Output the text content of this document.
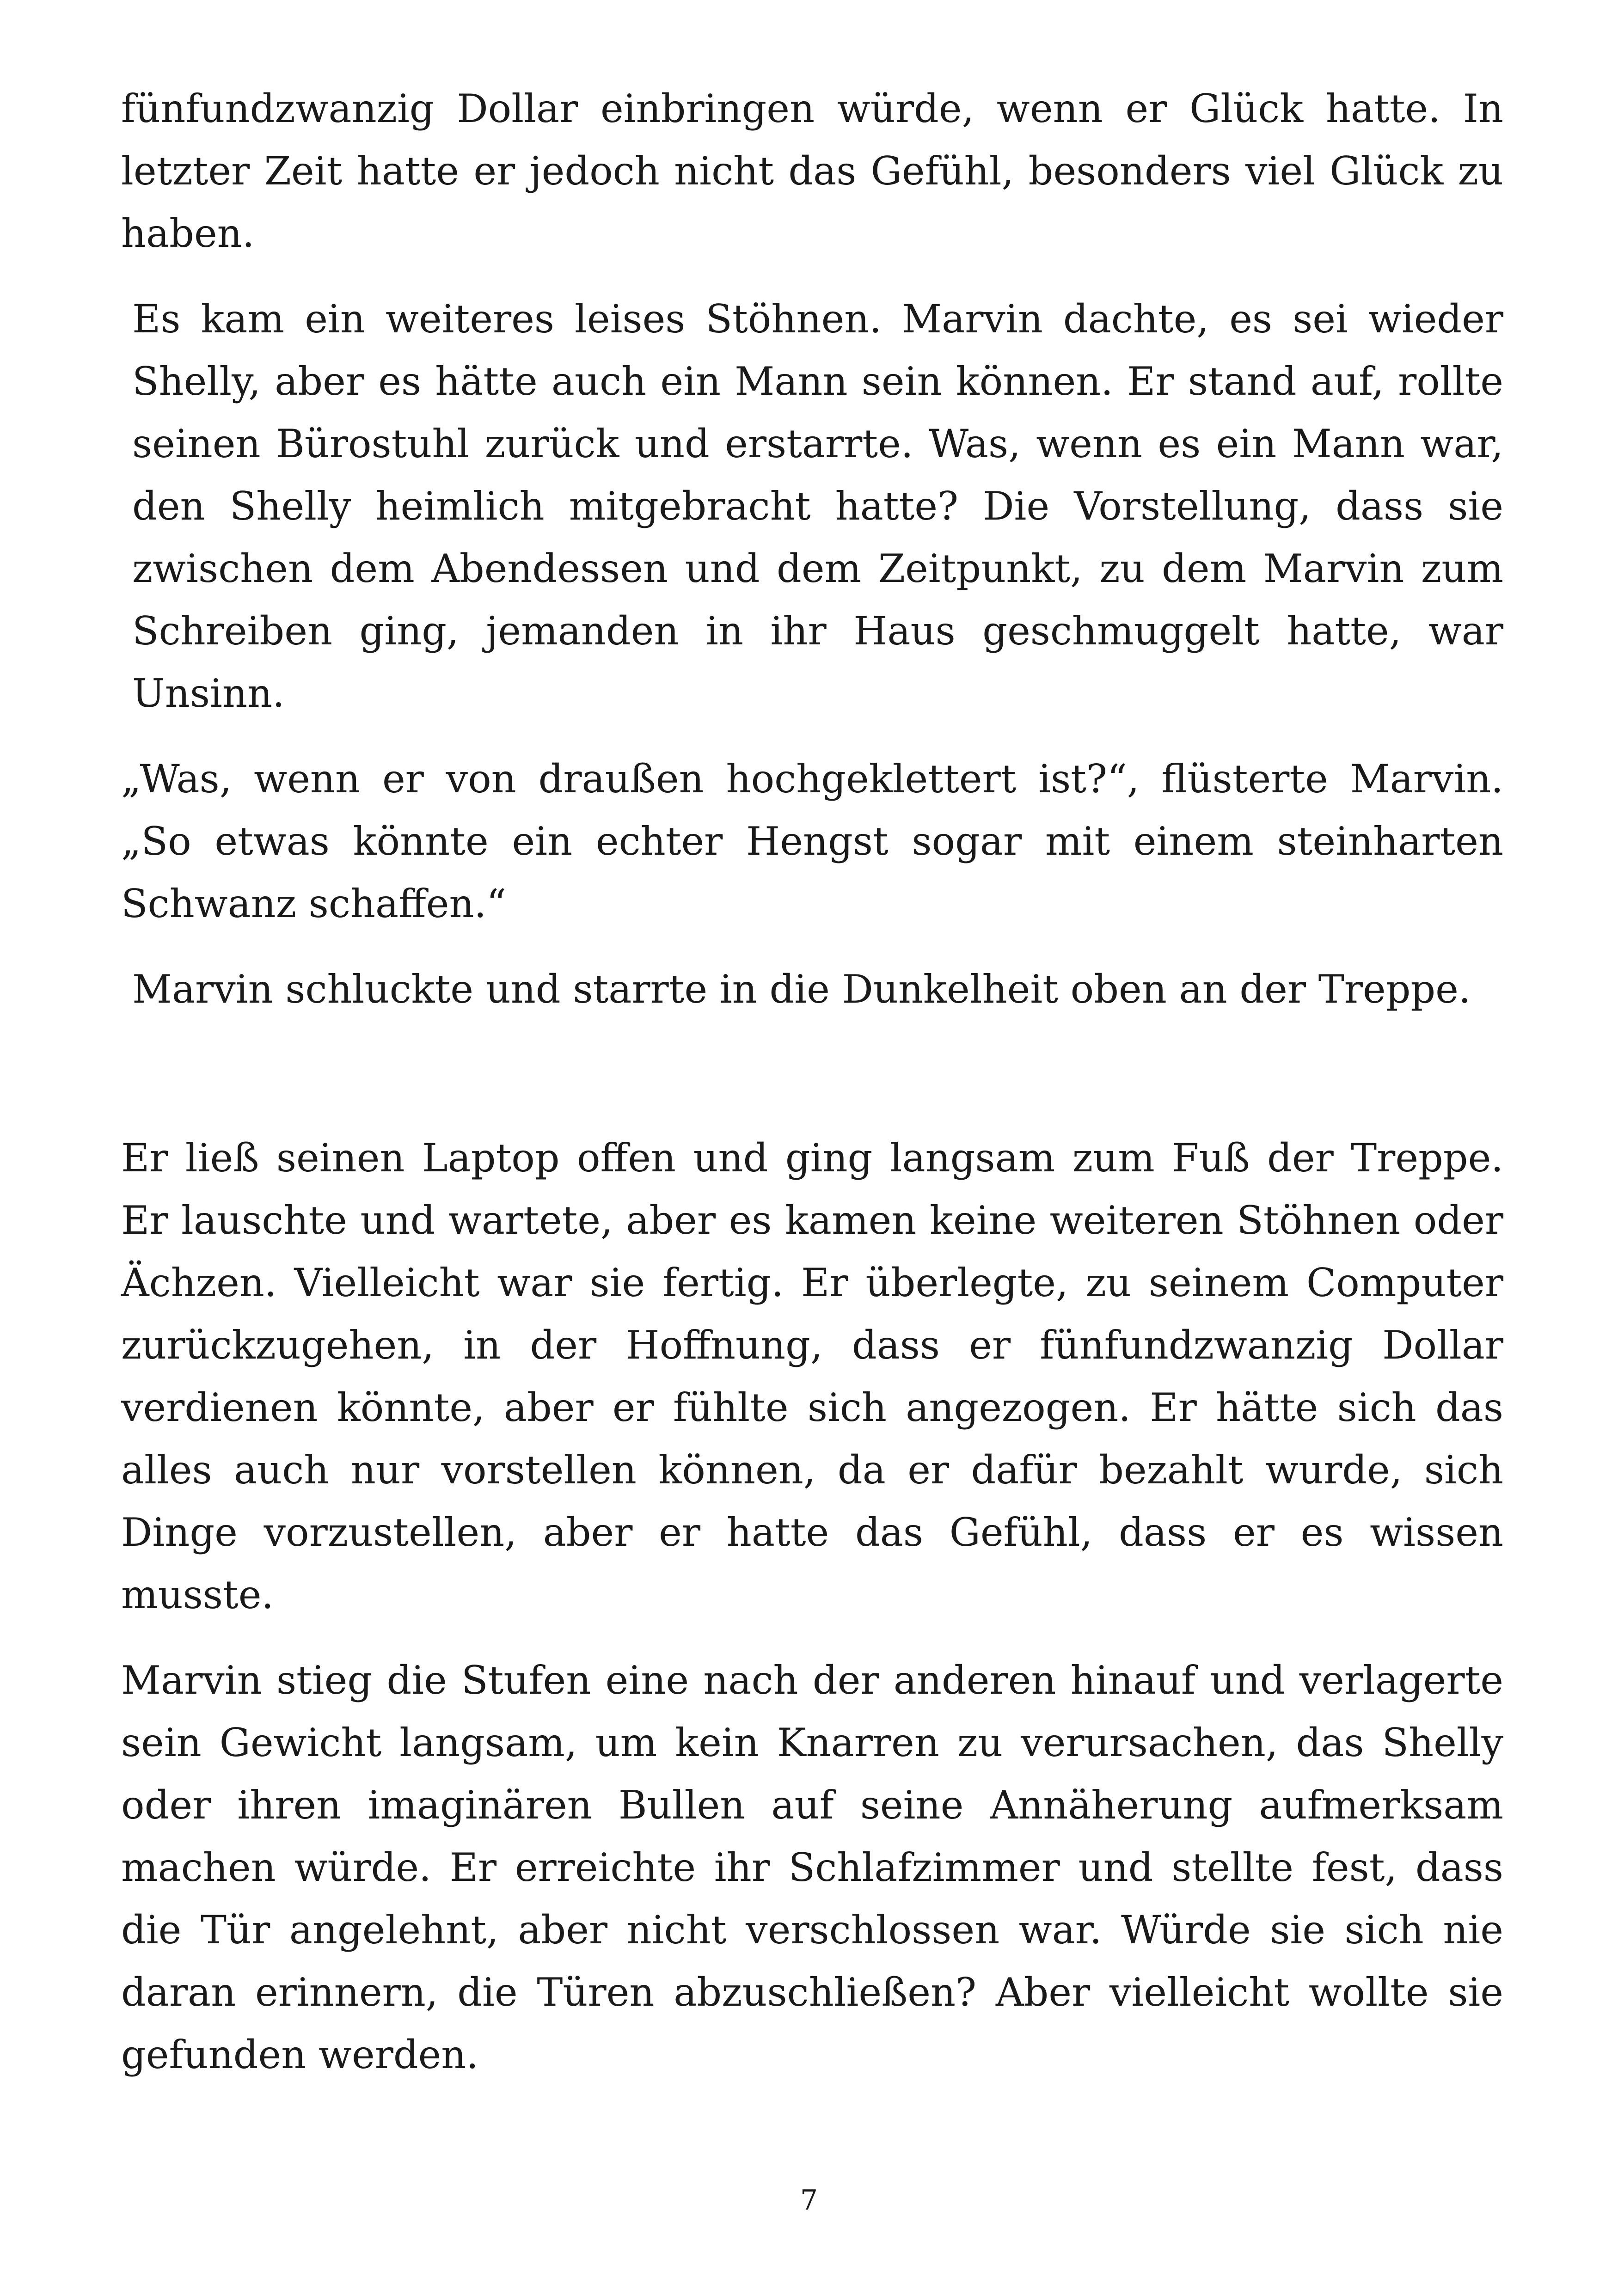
fünfundzwanzig Dollar einbringen würde, wenn er Glück hatte. In letzter Zeit hatte er jedoch nicht das Gefühl, besonders viel Glück zu haben.

Es kam ein weiteres leises Stöhnen. Marvin dachte, es sei wieder Shelly, aber es hätte auch ein Mann sein können. Er stand auf, rollte seinen Bürostuhl zurück und erstarrte. Was, wenn es ein Mann war, den Shelly heimlich mitgebracht hatte? Die Vorstellung, dass sie zwischen dem Abendessen und dem Zeitpunkt, zu dem Marvin zum Schreiben ging, jemanden in ihr Haus geschmuggelt hatte, war Unsinn.

„Was, wenn er von draußen hochgeklettert ist?“, flüsterte Marvin. „So etwas könnte ein echter Hengst sogar mit einem steinharten Schwanz schaffen.“

Marvin schluckte und starrte in die Dunkelheit oben an der Treppe.

Er ließ seinen Laptop offen und ging langsam zum Fuß der Treppe. Er lauschte und wartete, aber es kamen keine weiteren Stöhnen oder Ächzen. Vielleicht war sie fertig. Er überlegte, zu seinem Computer zurückzugehen, in der Hoffnung, dass er fünfundzwanzig Dollar verdienen könnte, aber er fühlte sich angezogen. Er hätte sich das alles auch nur vorstellen können, da er dafür bezahlt wurde, sich Dinge vorzustellen, aber er hatte das Gefühl, dass er es wissen musste.

Marvin stieg die Stufen eine nach der anderen hinauf und verlagerte sein Gewicht langsam, um kein Knarren zu verursachen, das Shelly oder ihren imaginären Bullen auf seine Annäherung aufmerksam machen würde. Er erreichte ihr Schlafzimmer und stellte fest, dass die Tür angelehnt, aber nicht verschlossen war. Würde sie sich nie daran erinnern, die Türen abzuschließen? Aber vielleicht wollte sie gefunden werden.

7
